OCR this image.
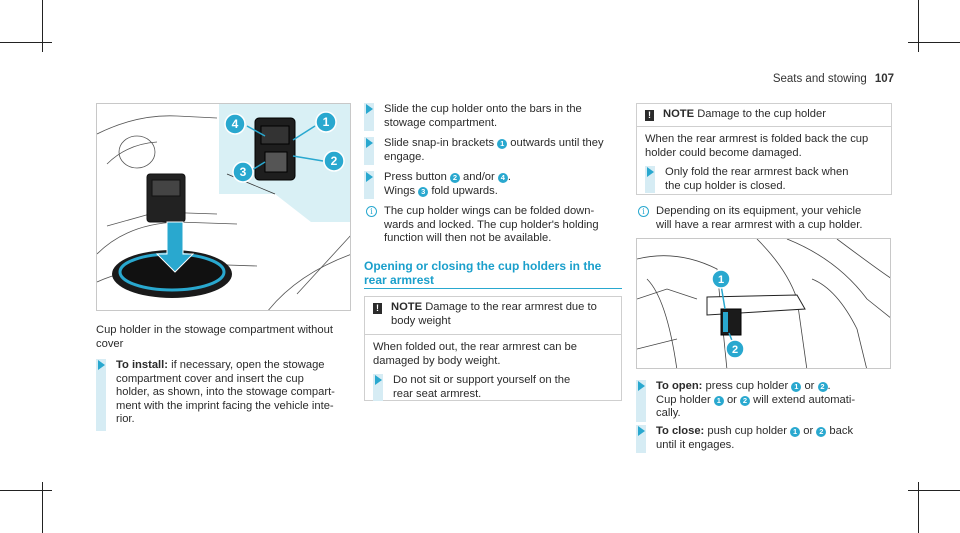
Seats and stowing 107
4	1
3
2
Cup holder in the stowage compartment without
cover
To install: if necessary, open the stowage
compartment cover and insert the cup
holder, as shown, into the stowage compart-
ment with the imprint facing the vehicle inte-
rior.
Slide the cup holder onto the bars in the
stowage compartment.
Slide snap-in brackets 1 outwards until they
engage.
Press button 2 and/or 4 .
Wings 3 fold upwards.
i	The cup holder wings can be folded down-
wards and locked. The cup holder's holding
function will then not be available.
Opening or closing the cup holders in the
rear armrest
! NOTE Damage to the rear armrest due to
body weight
When folded out, the rear armrest can be
damaged by body weight.
Do not sit or support yourself on the
rear seat armrest.
! NOTE Damage to the cup holder
When the rear armrest is folded back the cup
holder could become damaged.
Only fold the rear armrest back when
the cup holder is closed.
i	Depending on its equipment, your vehicle
will have a rear armrest with a cup holder.
1
2
To open: press cup holder 1 or 2 .
Cup holder 1 or 2 will extend automati-
cally.
To close: push cup holder 1 or 2 back
until it engages.
